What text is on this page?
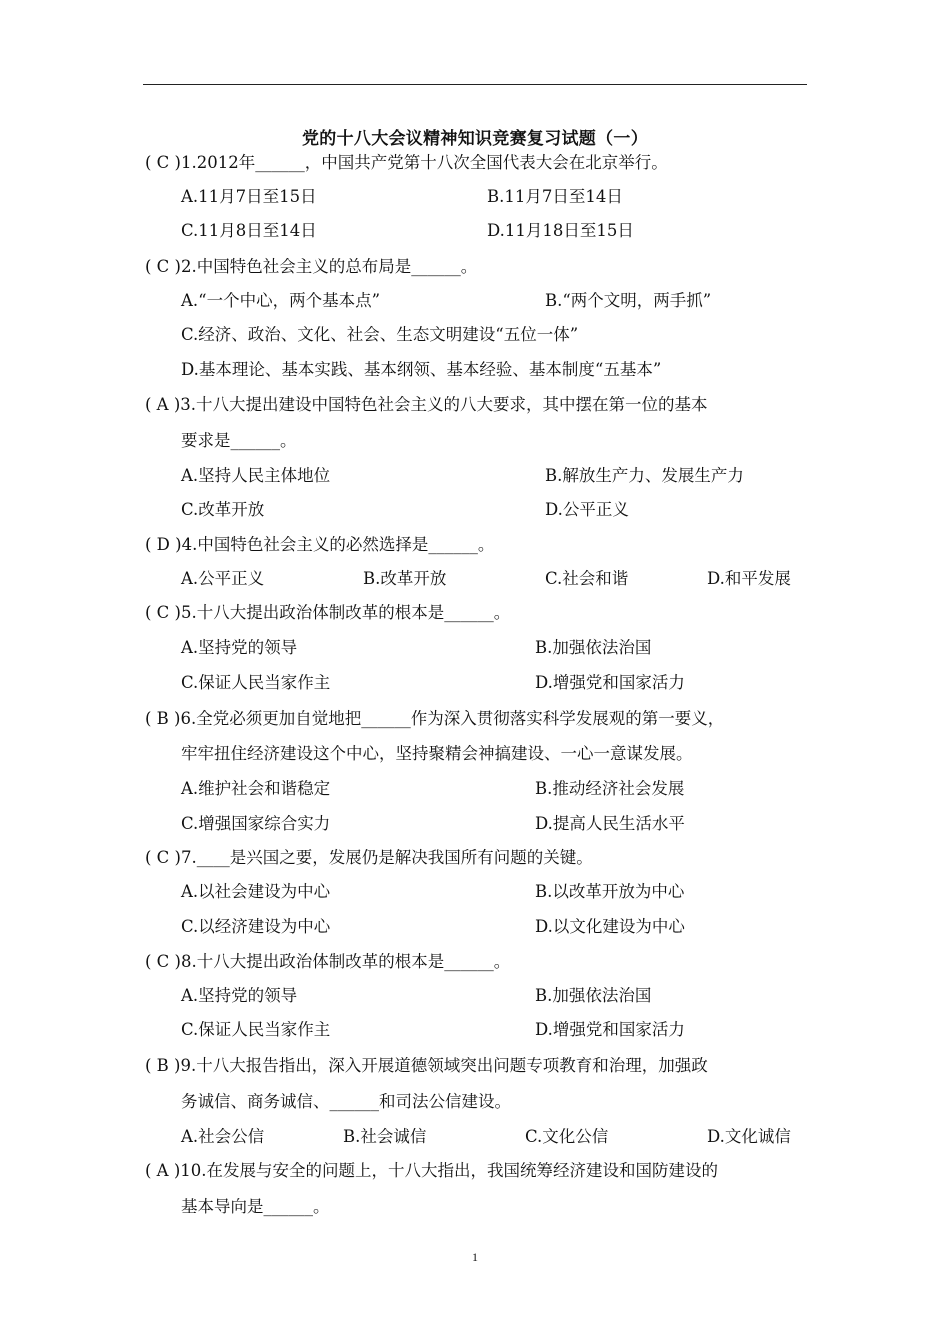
党的十八大会议精神知识竞赛复习试题（一）
( C )1.2012年______，中国共产党第十八次全国代表大会在北京举行。
A.11月7日至15日	B.11月7日至14日
C.11月8日至14日	D.11月18日至15日
( C )2.中国特色社会主义的总布局是______。
A.“一个中心，两个基本点”	B.“两个文明，两手抓”
C.经济、政治、文化、社会、生态文明建设“五位一体”
D.基本理论、基本实践、基本纲领、基本经验、基本制度“五基本”
( A )3.十八大提出建设中国特色社会主义的八大要求，其中摆在第一位的基本
要求是______。
A.坚持人民主体地位	B.解放生产力、发展生产力
C.改革开放	D.公平正义
( D )4.中国特色社会主义的必然选择是______。
A.公平正义	B.改革开放	C.社会和谐	D.和平发展
( C )5.十八大提出政治体制改革的根本是______。
A.坚持党的领导	B.加强依法治国
C.保证人民当家作主	D.增强党和国家活力
( B )6.全党必须更加自觉地把______作为深入贯彻落实科学发展观的第一要义，
牢牢扭住经济建设这个中心，坚持聚精会神搞建设、一心一意谋发展。
A.维护社会和谐稳定	B.推动经济社会发展
C.增强国家综合实力	D.提高人民生活水平
( C )7.____是兴国之要，发展仍是解决我国所有问题的关键。
A.以社会建设为中心	B.以改革开放为中心
C.以经济建设为中心	D.以文化建设为中心
( C )8.十八大提出政治体制改革的根本是______。
A.坚持党的领导	B.加强依法治国
C.保证人民当家作主	D.增强党和国家活力
( B )9.十八大报告指出，深入开展道德领域突出问题专项教育和治理，加强政
务诚信、商务诚信、______和司法公信建设。
A.社会公信	B.社会诚信	C.文化公信	D.文化诚信
( A )10.在发展与安全的问题上，十八大指出，我国统筹经济建设和国防建设的
基本导向是______。
1
